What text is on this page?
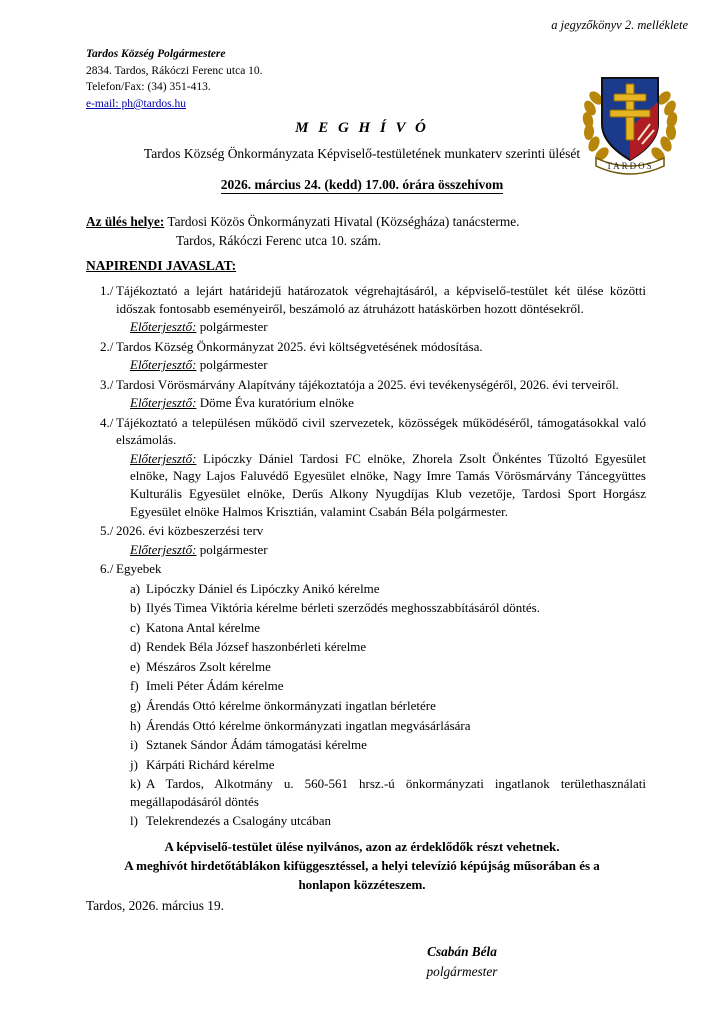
a jegyzőkönyv 2. melléklete
Tardos Község Polgármestere
2834. Tardos, Rákóczi Ferenc utca 10.
Telefon/Fax: (34) 351-413.
e-mail: ph@tardos.hu
TARDOS
M E G H Í V Ó
Tardos Község Önkormányzata Képviselő-testületének munkaterv szerinti ülését
2026. március 24. (kedd) 17.00. órára összehívom
Az ülés helye: Tardosi Közös Önkormányzati Hivatal (Községháza) tanácsterme.
Tardos, Rákóczi Ferenc utca 10. szám.
NAPIRENDI JAVASLAT:
1./ Tájékoztató a lejárt határidejű határozatok végrehajtásáról, a képviselő-testület két ülése közötti időszak fontosabb eseményeiről, beszámoló az átruházott hatáskörben hozott döntésekről.
Előterjesztő: polgármester
2./ Tardos Község Önkormányzat 2025. évi költségvetésének módosítása.
Előterjesztő: polgármester
3./ Tardosi Vörösmárvány Alapítvány tájékoztatója a 2025. évi tevékenységéről, 2026. évi terveiről.
Előterjesztő: Döme Éva kuratórium elnöke
4./ Tájékoztató a településen működő civil szervezetek, közösségek működéséről, támogatásokkal való elszámolás.
Előterjesztő: Lipóczky Dániel Tardosi FC elnöke, Zhorela Zsolt Önkéntes Tűzoltó Egyesület elnöke, Nagy Lajos Faluvédő Egyesület elnöke, Nagy Imre Tamás Vörösmárvány Táncegyüttes Kulturális Egyesület elnöke, Derűs Alkony Nyugdíjas Klub vezetője, Tardosi Sport Horgász Egyesület elnöke Halmos Krisztián, valamint Csabán Béla polgármester.
5./ 2026. évi közbeszerzési terv
Előterjesztő: polgármester
6./ Egyebek
a) Lipóczky Dániel és Lipóczky Anikó kérelme
b) Ilyés Timea Viktória kérelme bérleti szerződés meghosszabbításáról döntés.
c) Katona Antal kérelme
d) Rendek Béla József haszonbérleti kérelme
e) Mészáros Zsolt kérelme
f) Imeli Péter Ádám kérelme
g) Árendás Ottó kérelme önkormányzati ingatlan bérletére
h) Árendás Ottó kérelme önkormányzati ingatlan megvásárlására
i) Sztanek Sándor Ádám támogatási kérelme
j) Kárpáti Richárd kérelme
k) A Tardos, Alkotmány u. 560-561 hrsz.-ú önkormányzati ingatlanok területhasználati megállapodásáról döntés
l) Telekrendezés a Csalogány utcában
A képviselő-testület ülése nyilvános, azon az érdeklődők részt vehetnek.
A meghívót hirdetőtáblákon kifüggesztéssel, a helyi televízió képújság műsorában és a
honlapon közzéteszem.
Tardos, 2026. március 19.
Csabán Béla
polgármester
